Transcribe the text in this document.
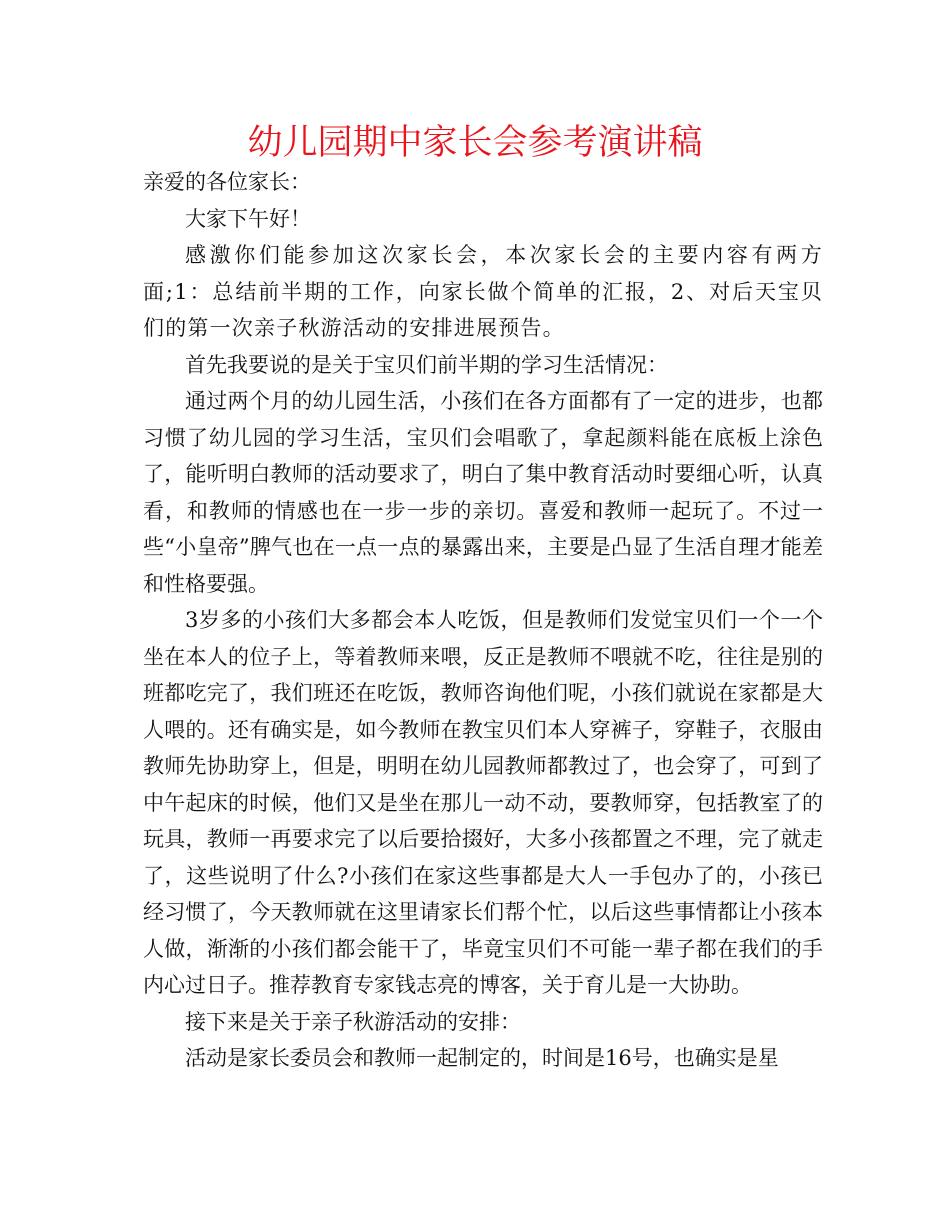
幼儿园期中家长会参考演讲稿

亲爱的各位家长：

大家下午好！

感激你们能参加这次家长会，本次家长会的主要内容有两方面;1：总结前半期的工作，向家长做个简单的汇报，2、对后天宝贝们的第一次亲子秋游活动的安排进展预告。

首先我要说的是关于宝贝们前半期的学习生活情况：

通过两个月的幼儿园生活，小孩们在各方面都有了一定的进步，也都习惯了幼儿园的学习生活，宝贝们会唱歌了，拿起颜料能在底板上涂色了，能听明白教师的活动要求了，明白了集中教育活动时要细心听，认真看，和教师的情感也在一步一步的亲切。喜爱和教师一起玩了。不过一些“小皇帝”脾气也在一点一点的暴露出来，主要是凸显了生活自理才能差和性格要强。

3岁多的小孩们大多都会本人吃饭，但是教师们发觉宝贝们一个一个坐在本人的位子上，等着教师来喂，反正是教师不喂就不吃，往往是别的班都吃完了，我们班还在吃饭，教师咨询他们呢，小孩们就说在家都是大人喂的。还有确实是，如今教师在教宝贝们本人穿裤子，穿鞋子，衣服由教师先协助穿上，但是，明明在幼儿园教师都教过了，也会穿了，可到了中午起床的时候，他们又是坐在那儿一动不动，要教师穿，包括教室了的玩具，教师一再要求完了以后要拾掇好，大多小孩都置之不理，完了就走了，这些说明了什么?小孩们在家这些事都是大人一手包办了的，小孩已经习惯了，今天教师就在这里请家长们帮个忙，以后这些事情都让小孩本人做，渐渐的小孩们都会能干了，毕竟宝贝们不可能一辈子都在我们的手内心过日子。推荐教育专家钱志亮的博客，关于育儿是一大协助。

接下来是关于亲子秋游活动的安排：

活动是家长委员会和教师一起制定的，时间是16号，也确实是星
